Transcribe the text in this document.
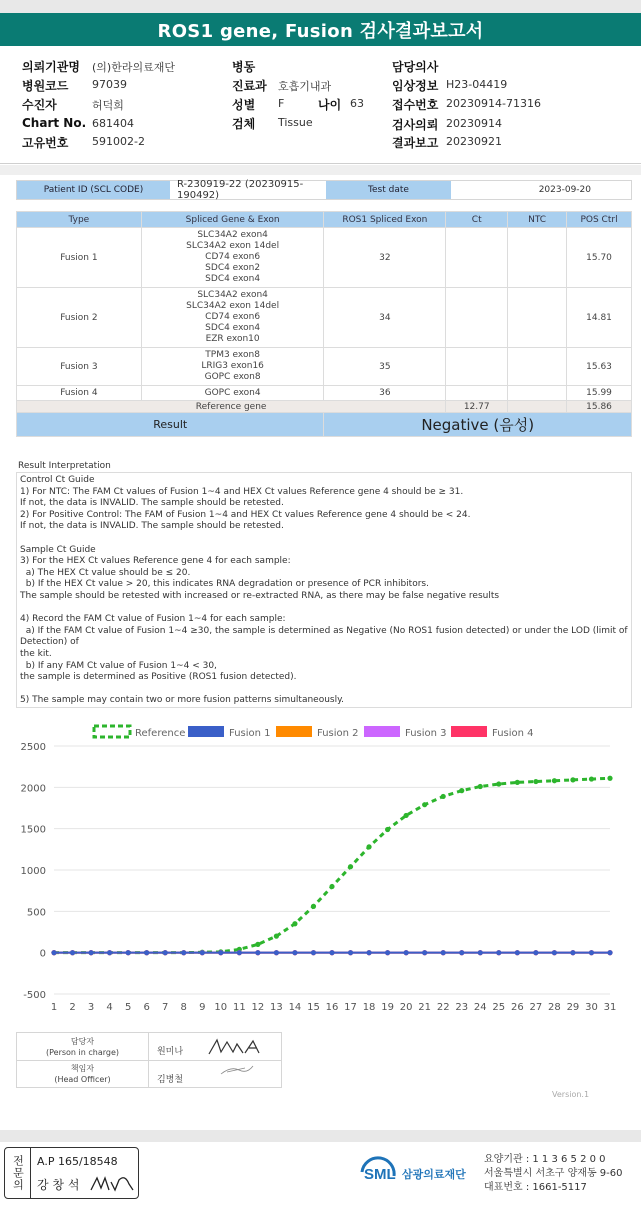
ROS1 gene, Fusion 검사결과보고서
의뢰기관명 (의)한라의료재단
병원코드 97039
수진자	허덕희
Chart No. 681404
고유번호 591002-2
병동
진료과 호흡기내과
성별 F	나이 63
검체 Tissue
담당의사
임상정보 H23-04419
접수번호 20230914-71316
검사의뢰 20230914
결과보고 20230921
Patient ID (SCL CODE)	R-230919-22 (20230915-190492)	Test date	2023-09-20
Type	Spliced Gene & Exon	ROS1 Spliced Exon	Ct	NTC	POS Ctrl
Fusion 1	SLC34A2 exon4
SLC34A2 exon 14del
CD74 exon6
SDC4 exon2
SDC4 exon4	32			15.70
Fusion 2	SLC34A2 exon4
SLC34A2 exon 14del
CD74 exon6
SDC4 exon4
EZR exon10	34			14.81
Fusion 3	TPM3 exon8
LRIG3 exon16
GOPC exon8	35			15.63
Fusion 4	GOPC exon4	36			15.99
Reference gene			12.77		15.86
Result		Negative (음성)			
Result Interpretation

Control Ct Guide

1) For NTC: The FAM Ct values of Fusion 1~4 and HEX Ct values Reference gene 4 should be ≥ 31.

If not, the data is INVALID. The sample should be retested.

2) For Positive Control: The FAM of Fusion 1~4 and HEX Ct values Reference gene 4 should be < 24.

If not, the data is INVALID. The sample should be retested.

Sample Ct Guide

3) For the HEX Ct values Reference gene 4 for each sample:

a) The HEX Ct value should be ≤ 20.

b) If the HEX Ct value > 20, this indicates RNA degradation or presence of PCR inhibitors.

The sample should be retested with increased or re-extracted RNA, as there may be false negative results

4) Record the FAM Ct value of Fusion 1~4 for each sample:

a) If the FAM Ct value of Fusion 1~4 ≥30, the sample is determined as Negative (No ROS1 fusion detected) or under the LOD (limit of Detection) of

the kit.

b) If any FAM Ct value of Fusion 1~4 < 30,

the sample is determined as Positive (ROS1 fusion detected).

5) The sample may contain two or more fusion patterns simultaneously.

-500
0
500
1000
1500
2000
2500
1 2 3 4 5 6 7 8 9 10 11 12 13 14 15 16 17 18 19 20 21 22 23 24 25 26 27 28 29 30 31
Reference	Fusion 1	Fusion 2	Fusion 3	Fusion 4
담당자
(Person in charge)	원미나
책임자
(Head Officer)	김병철
Version.1
전문의	A.P 165/18548
강 창 석
SML 삼광의료재단
요양기관 : 1 1 3 6 5 2 0 0
서울특별시 서초구 양재동 9-60
대표번호 : 1661-5117
